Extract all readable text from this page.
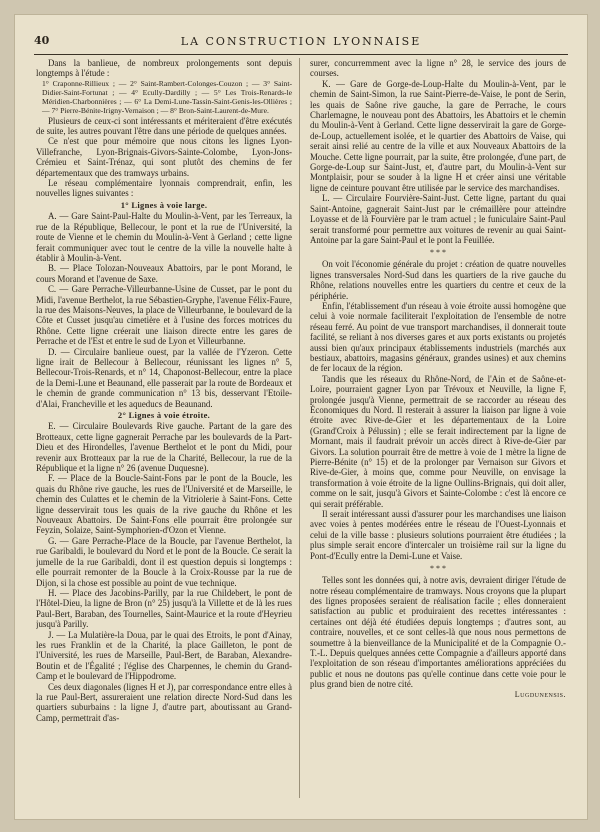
40	LA CONSTRUCTION LYONNAISE

Dans la banlieue, de nombreux prolongements sont depuis longtemps à l'étude :

1° Craponne-Rillieux ; — 2° Saint-Rambert-Colonges-Couzon ; — 3° Saint-Didier-Saint-Fortunat ; — 4° Ecully-Dardilly ; — 5° Les Trois-Renards-le Méridien-Charbonnières ; — 6° La Demi-Lune-Tassin-Saint-Genis-les-Ollières ; — 7° Pierre-Bénite-Irigny-Vernaison ; — 8° Bron-Saint-Laurent-de-Mure.

Plusieurs de ceux-ci sont intéressants et mériteraient d'être exécutés de suite, les autres pouvant l'être dans une période de quelques années.

Ce n'est que pour mémoire que nous citons les lignes Lyon-Villefranche, Lyon-Brignais-Givors-Sainte-Colombe, Lyon-Jons-Crémieu et Saint-Trénaz, qui sont plutôt des chemins de fer départementaux que des tramways urbains.

Le réseau complémentaire lyonnais comprendrait, enfin, les nouvelles lignes suivantes :

1° Lignes à voie large.

A. — Gare Saint-Paul-Halte du Moulin-à-Vent, par les Terreaux, la rue de la République, Bellecour, le pont et la rue de l'Université, la route de Vienne et le chemin du Moulin-à-Vent à Gerland ; cette ligne ferait communiquer avec tout le centre de la ville la nouvelle halte à établir à Moulin-à-Vent.

B. — Place Tolozan-Nouveaux Abattoirs, par le pont Morand, le cours Morand et l'avenue de Saxe.

C. — Gare Perrache-Villeurbanne-Usine de Cusset, par le pont du Midi, l'avenue Berthelot, la rue Sébastien-Gryphe, l'avenue Félix-Faure, la rue des Maisons-Neuves, la place de Villeurbanne, le boulevard de la Côte et Cusset jusqu'au cimetière et à l'usine des forces motrices du Rhône. Cette ligne créerait une liaison directe entre les gares de Perrache et de l'Est et entre le sud de Lyon et Villeurbanne.

D. — Circulaire banlieue ouest, par la vallée de l'Yzeron. Cette ligne irait de Bellecour à Bellecour, réunissant les lignes n° 5, Bellecour-Trois-Renards, et n° 14, Chaponost-Bellecour, entre la place de la Demi-Lune et Beaunand, elle passerait par la route de Bordeaux et le chemin de grande communication n° 13 bis, desservant l'Etoile-d'Alai, Francheville et les aqueducs de Beaunand.

2° Lignes à voie étroite.

E. — Circulaire Boulevards Rive gauche. Partant de la gare des Brotteaux, cette ligne gagnerait Perrache par les boulevards de la Part-Dieu et des Hirondelles, l'avenue Berthelot et le pont du Midi, pour revenir aux Brotteaux par la rue de la Charité, Bellecour, la rue de la République et la ligne n° 26 (avenue Duquesne).

F. — Place de la Boucle-Saint-Fons par le pont de la Boucle, les quais du Rhône rive gauche, les rues de l'Université et de Marseille, le chemin des Culattes et le chemin de la Vitriolerie à Saint-Fons. Cette ligne desservirait tous les quais de la rive gauche du Rhône et les Nouveaux Abattoirs. De Saint-Fons elle pourrait être prolongée sur Feyzin, Solaize, Saint-Symphorien-d'Ozon et Vienne.

G. — Gare Perrache-Place de la Boucle, par l'avenue Berthelot, la rue Garibaldi, le boulevard du Nord et le pont de la Boucle. Ce serait la jumelle de la rue Garibaldi, dont il est question depuis si longtemps : elle pourrait remonter de la Boucle à la Croix-Rousse par la rue de Dijon, si la chose est possible au point de vue technique.

H. — Place des Jacobins-Parilly, par la rue Childebert, le pont de l'Hôtel-Dieu, la ligne de Bron (n° 25) jusqu'à la Villette et de là les rues Paul-Bert, Baraban, des Tournelles, Saint-Maurice et la route d'Heyrieu jusqu'à Parilly.

J. — La Mulatière-la Doua, par le quai des Etroits, le pont d'Ainay, les rues Franklin et de la Charité, la place Gailleton, le pont de l'Université, les rues de Marseille, Paul-Bert, de Baraban, Alexandre-Boutin et de l'Égalité ; l'église des Charpennes, le chemin du Grand-Camp et le boulevard de l'Hippodrome.

Ces deux diagonales (lignes H et J), par correspondance entre elles à la rue Paul-Bert, assureraient une relation directe Nord-Sud dans les quartiers suburbains : la ligne J, d'autre part, aboutissant au Grand-Camp, permettrait d'as-

surer, concurremment avec la ligne n° 28, le service des jours de courses.

K. — Gare de Gorge-de-Loup-Halte du Moulin-à-Vent, par le chemin de Saint-Simon, la rue Saint-Pierre-de-Vaise, le pont de Serin, les quais de Saône rive gauche, la gare de Perrache, le cours Charlemagne, le nouveau pont des Abattoirs, les Abattoirs et le chemin du Moulin-à-Vent à Gerland. Cette ligne desservirait la gare de Gorge-de-Loup, actuellement isolée, et le quartier des Abattoirs de Vaise, qui serait ainsi relié au centre de la ville et aux Nouveaux Abattoirs de la Mouche. Cette ligne pourrait, par la suite, être prolongée, d'une part, de Gorge-de-Loup sur Saint-Just, et, d'autre part, du Moulin-à-Vent sur Montplaisir, pour se souder à la ligne H et créer ainsi une véritable ligne de ceinture pouvant être utilisée par le service des marchandises.

L. — Circulaire Fourvière-Saint-Just. Cette ligne, partant du quai Saint-Antoine, gagnerait Saint-Just par le crémaillère pour atteindre Loyasse et de là Fourvière par le tram actuel ; le funiculaire Saint-Paul serait transformé pour permettre aux voitures de revenir au quai Saint-Antoine par la gare Saint-Paul et le pont la Feuillée.

* * *

On voit l'économie générale du projet : création de quatre nouvelles lignes transversales Nord-Sud dans les quartiers de la rive gauche du Rhône, relations nouvelles entre les quartiers du centre et ceux de la périphérie.

Enfin, l'établissement d'un réseau à voie étroite aussi homogène que celui à voie normale faciliterait l'exploitation de l'ensemble de notre réseau ferré. Au point de vue transport marchandises, il donnerait toute facilité, se reliant à nos diverses gares et aux ports existants ou projetés aussi bien qu'aux principaux établissements industriels (marchés aux bestiaux, abattoirs, magasins généraux, grandes usines) et aux chemins de fer locaux de la région.

Tandis que les réseaux du Rhône-Nord, de l'Ain et de Saône-et-Loire, pourraient gagner Lyon par Trévoux et Neuville, la ligne F, prolongée jusqu'à Vienne, permettrait de se raccorder au réseau des Économiques du Nord. Il resterait à assurer la liaison par ligne à voie étroite avec Rive-de-Gier et les départementaux de la Loire (Grand'Croix à Pélussin) ; elle se ferait indirectement par la ligne de Mornant, mais il faudrait prévoir un accès direct à Rive-de-Gier par Givors. La solution pourrait être de mettre à voie de 1 mètre la ligne de Pierre-Bénite (n° 15) et de la prolonger par Vernaison sur Givors et Rive-de-Gier, à moins que, comme pour Neuville, on envisage la transformation à voie étroite de la ligne Oullins-Brignais, qui doit aller, comme on le sait, jusqu'à Givors et Sainte-Colombe : c'est là encore ce qui serait préférable.

Il serait intéressant aussi d'assurer pour les marchandises une liaison avec voies à pentes modérées entre le réseau de l'Ouest-Lyonnais et celui de la ville basse : plusieurs solutions pourraient être étudiées ; la plus simple serait encore d'intercaler un troisième rail sur la ligne du Pont-d'Ecully entre la Demi-Lune et Vaise.

* * *

Telles sont les données qui, à notre avis, devraient diriger l'étude de notre réseau complémentaire de tramways. Nous croyons que la plupart des lignes proposées seraient de réalisation facile ; elles donneraient satisfaction au public et produiraient des recettes intéressantes : certaines ont déjà été étudiées depuis longtemps ; d'autres sont, au contraire, nouvelles, et ce sont celles-là que nous nous permettons de soumettre à la bienveillance de la Municipalité et de la Compagnie O.-T.-L. Depuis quelques années cette Compagnie a d'ailleurs apporté dans l'exploitation de son réseau d'importantes améliorations appréciées du public et nous ne doutons pas qu'elle continue dans cette voie pour le plus grand bien de notre cité.

Lugdunensis.
